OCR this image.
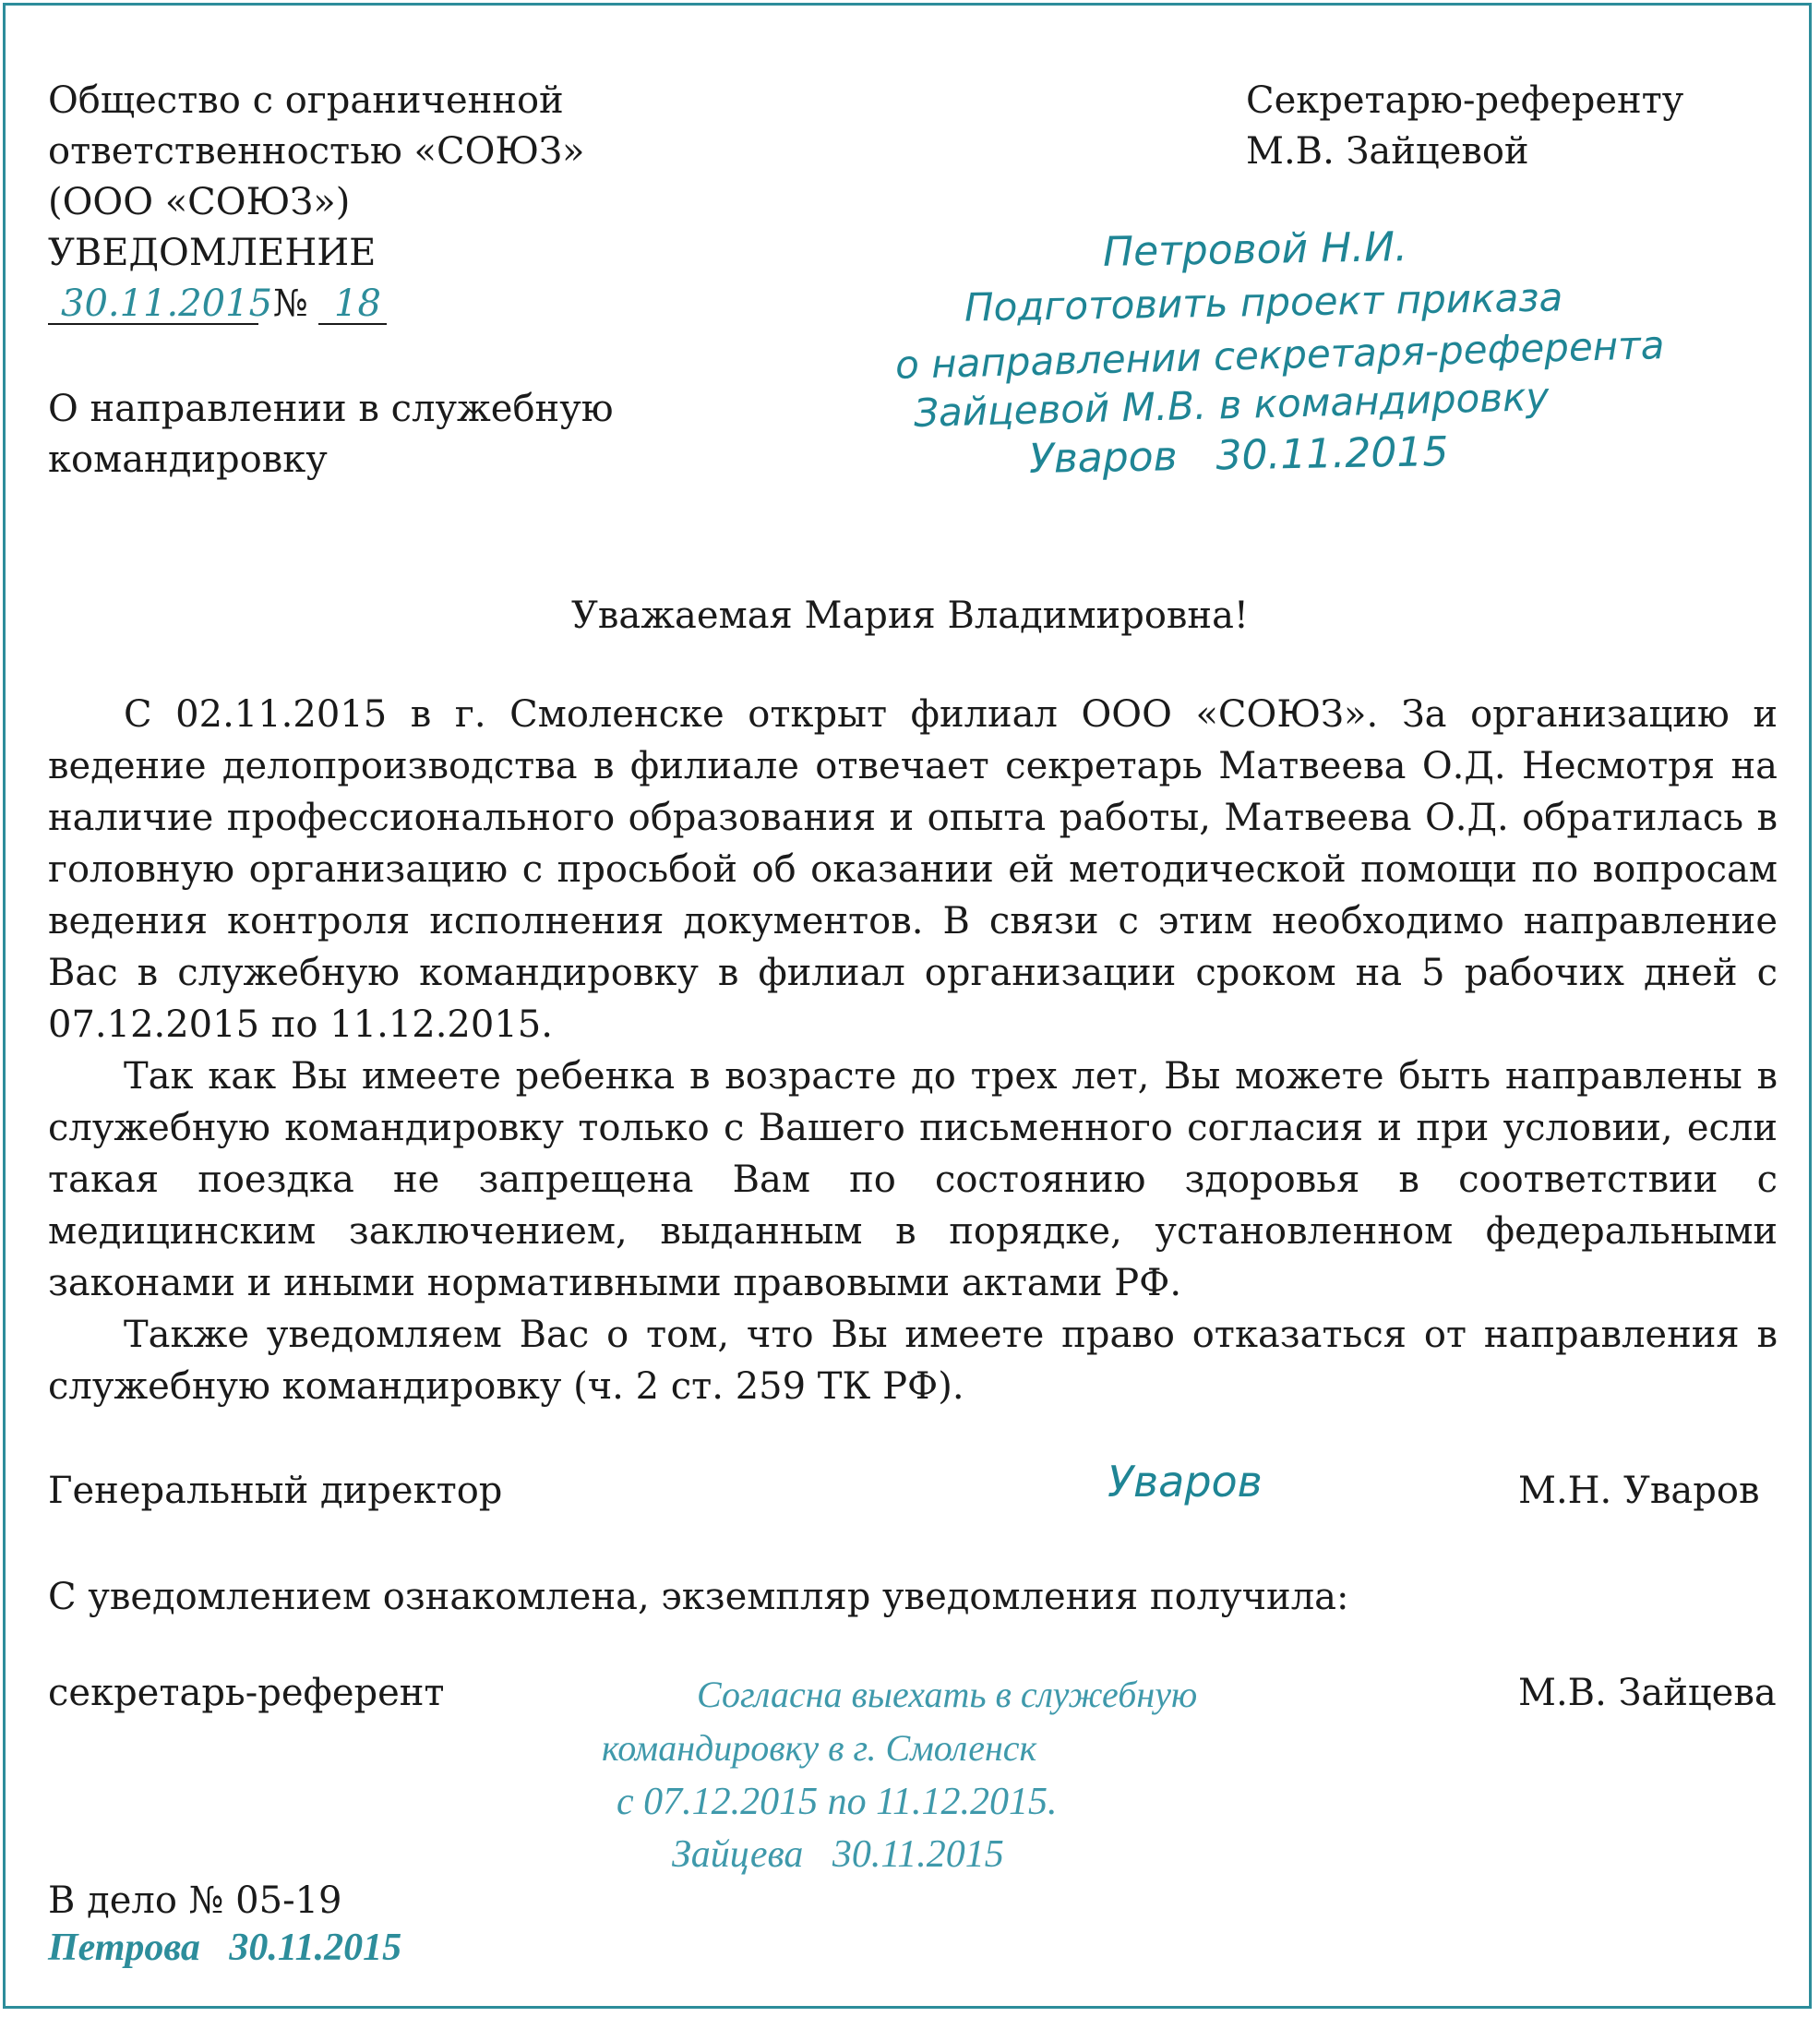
Общество с ограниченной
ответственностью «СОЮЗ»
(ООО «СОЮЗ»)
УВЕДОМЛЕНИЕ
30.11.2015 № 18
О направлении в служебную
командировку
Секретарю-референту
М.В. Зайцевой
Петровой Н.И.
Подготовить проект приказа
о направлении секретаря-референта
Зайцевой М.В. в командировку
Уваров   30.11.2015
Уважаемая Мария Владимировна!

С 02.11.2015 в г. Смоленске открыт филиал ООО «СОЮЗ». За организацию и ведение делопроизводства в филиале отвечает секретарь Матвеева О.Д. Несмотря на наличие профессионального образования и опыта работы, Матвеева О.Д. обратилась в головную организацию с просьбой об оказании ей методической помощи по вопросам ведения контроля исполнения документов. В связи с этим необходимо направление Вас в служебную командировку в филиал организации сроком на 5 рабочих дней с 07.12.2015 по 11.12.2015.

Так как Вы имеете ребенка в возрасте до трех лет, Вы можете быть направлены в служебную командировку только с Вашего письменного согласия и при условии, если такая поездка не запрещена Вам по состоянию здоровья в соответствии с медицинским заключением, выданным в порядке, установленном федеральными законами и иными нормативными правовыми актами РФ.

Также уведомляем Вас о том, что Вы имеете право отказаться от направления в служебную командировку (ч. 2 ст. 259 ТК РФ).

Генеральный директор	Уваров	М.Н. Уваров
С уведомлением ознакомлена, экземпляр уведомления получила:
секретарь-референт	М.В. Зайцева
Согласна выехать в служебную
командировку в г. Смоленск
с 07.12.2015 по 11.12.2015.
Зайцева   30.11.2015
В дело № 05-19
Петрова   30.11.2015
